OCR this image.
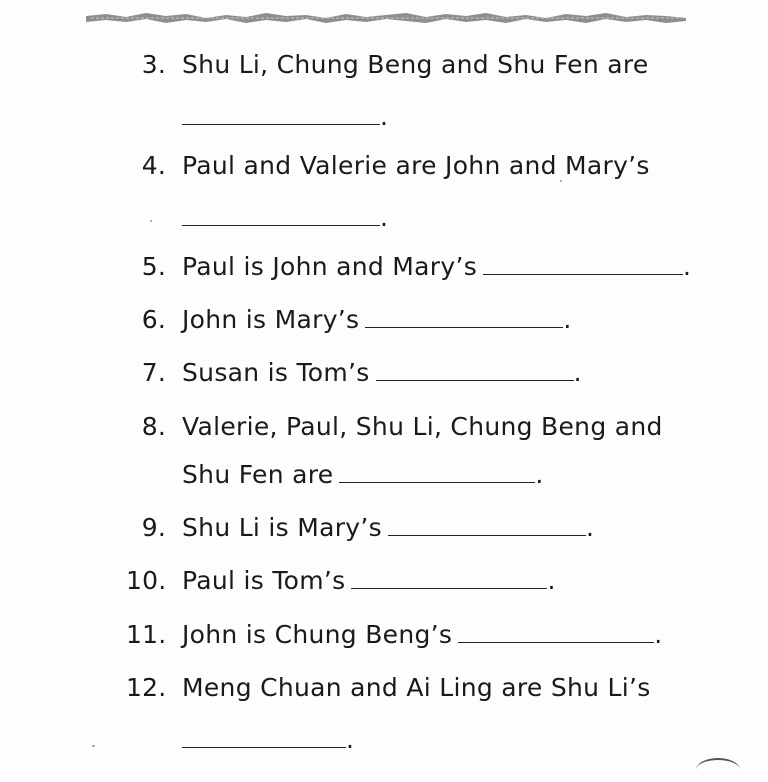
3. Shu Li, Chung Beng and Shu Fen are
.
4. Paul and Valerie are John and Mary’s
.
5. Paul is John and Mary’s	.
6. John is Mary’s	.
7. Susan is Tom’s	.
8. Valerie, Paul, Shu Li, Chung Beng and
Shu Fen are	.
9. Shu Li is Mary’s	.
10. Paul is Tom’s	.
11. John is Chung Beng’s	.
12. Meng Chuan and Ai Ling are Shu Li’s
.
